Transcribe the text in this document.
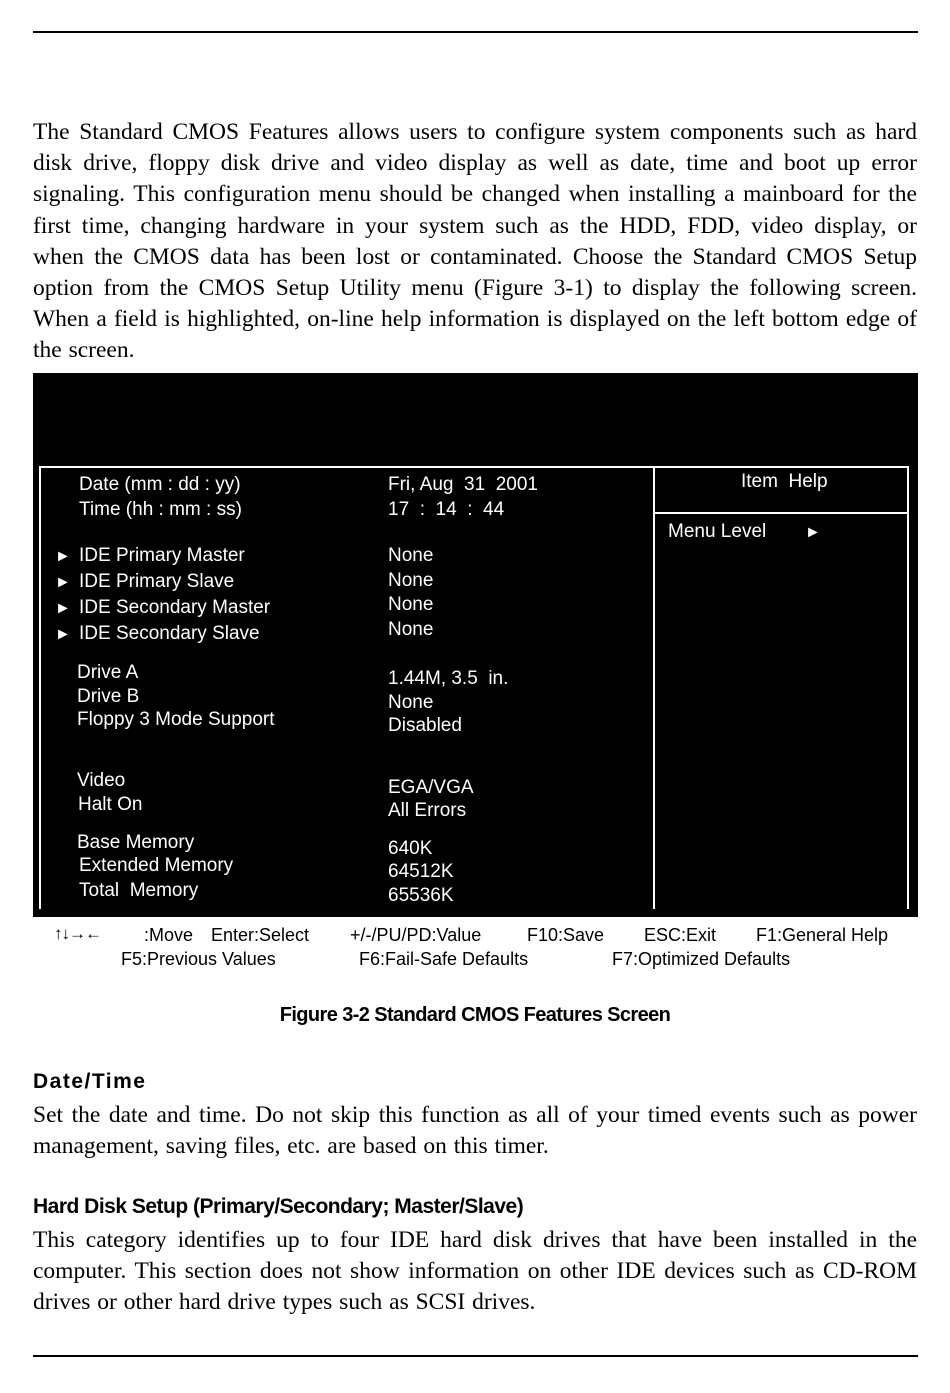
The Standard CMOS Features allows users to configure system components such as hard disk drive, floppy disk drive and video display as well as date, time and boot up error signaling. This configuration menu should be changed when installing a mainboard for the first time, changing hardware in your system such as the HDD, FDD, video display, or when the CMOS data has been lost or contaminated. Choose the Standard CMOS Setup option from the CMOS Setup Utility menu (Figure 3-1) to display the following screen. When a field is highlighted, on-line help information is displayed on the left bottom edge of the screen.

Date (mm : dd : yy)	Fri, Aug  31  2001
Time (hh : mm : ss)	17  :  14  :  44
► IDE Primary Master	None
► IDE Primary Slave	None
► IDE Secondary Master	None
► IDE Secondary Slave	None
Drive A	1.44M, 3.5  in.
Drive B	None
Floppy 3 Mode Support	Disabled
Video	EGA/VGA
Halt On	All Errors
Base Memory	640K
Extended Memory	64512K
Total  Memory	65536K
Item  Help
Menu Level ►
↑↓→← :Move Enter:Select +/-/PU/PD:Value	F10:Save ESC:Exit F1:General Help
F5:Previous Values	F6:Fail-Safe Defaults	F7:Optimized Defaults
Figure 3-2 Standard CMOS Features Screen
Date/Time

Set the date and time. Do not skip this function as all of your timed events such as power management, saving files, etc. are based on this timer.

Hard Disk Setup (Primary/Secondary; Master/Slave)

This category identifies up to four IDE hard disk drives that have been installed in the computer. This section does not show information on other IDE devices such as CD-ROM drives or other hard drive types such as SCSI drives.
